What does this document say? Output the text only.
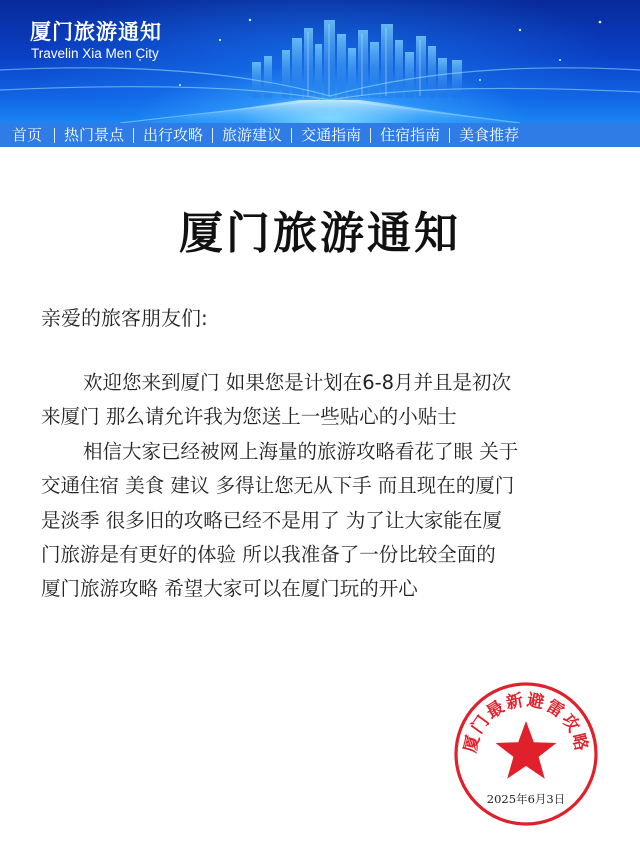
厦门旅游通知
Travelin Xia Men City
首页	热门景点	出行攻略	旅游建议	交通指南	住宿指南	美食推荐
厦门旅游通知
亲爱的旅客朋友们:

欢迎您来到厦门 如果您是计划在6-8月并且是初次
来厦门 那么请允许我为您送上一些贴心的小贴士

相信大家已经被网上海量的旅游攻略看花了眼 关于
交通住宿 美食 建议 多得让您无从下手 而且现在的厦门
是淡季 很多旧的攻略已经不是用了 为了让大家能在厦
门旅游是有更好的体验 所以我准备了一份比较全面的
厦门旅游攻略 希望大家可以在厦门玩的开心

厦门最新避雷攻略
2025年6月3日
